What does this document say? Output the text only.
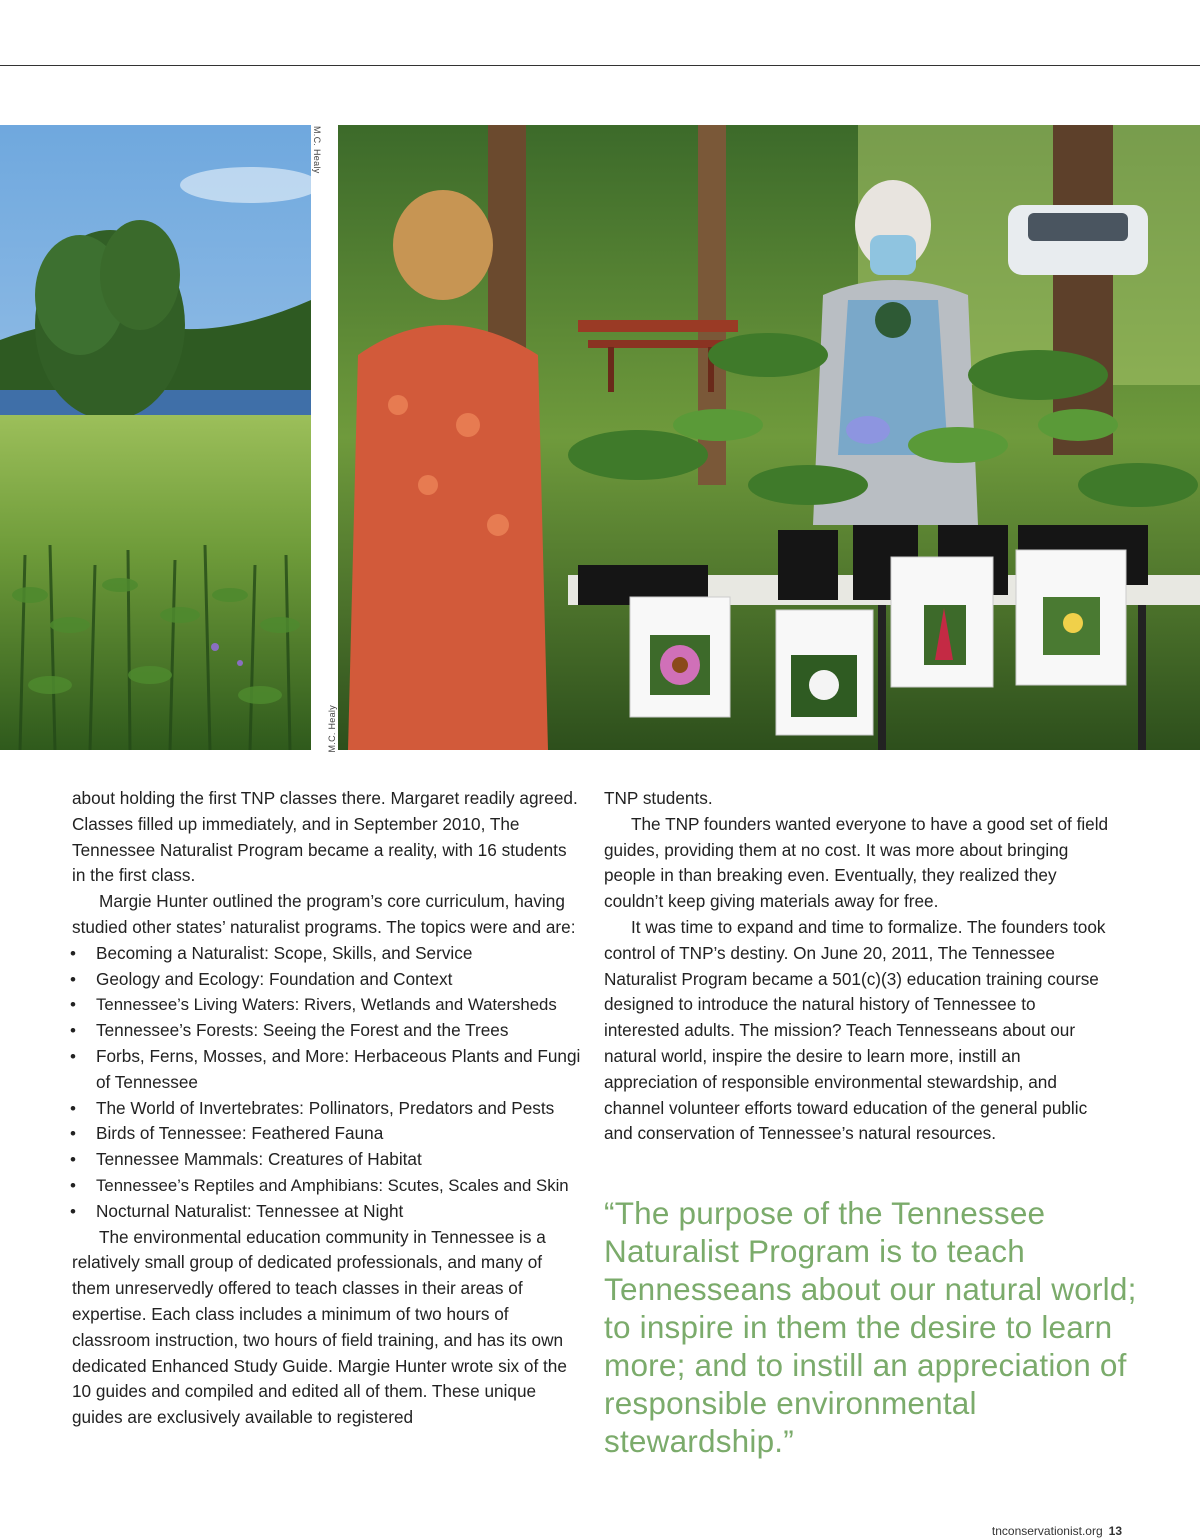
M.C. Healy
M.C. Healy

about holding the first TNP classes there. Margaret readily agreed. Classes filled up immediately, and in September 2010, The Tennessee Naturalist Program became a reality, with 16 students in the first class.

Margie Hunter outlined the program’s core curriculum, having studied other states’ naturalist programs. The topics were and are:

• Becoming a Naturalist: Scope, Skills, and Service
• Geology and Ecology: Foundation and Context
• Tennessee’s Living Waters: Rivers, Wetlands and Watersheds
• Tennessee’s Forests: Seeing the Forest and the Trees
• Forbs, Ferns, Mosses, and More: Herbaceous Plants and Fungi of Tennessee
• The World of Invertebrates: Pollinators, Predators and Pests
• Birds of Tennessee: Feathered Fauna
• Tennessee Mammals: Creatures of Habitat
• Tennessee’s Reptiles and Amphibians: Scutes, Scales and Skin
• Nocturnal Naturalist: Tennessee at Night

The environmental education community in Tennessee is a relatively small group of dedicated professionals, and many of them unreservedly offered to teach classes in their areas of expertise. Each class includes a minimum of two hours of classroom instruction, two hours of field training, and has its own dedicated Enhanced Study Guide. Margie Hunter wrote six of the 10 guides and compiled and edited all of them. These unique guides are exclusively available to registered

TNP students.

The TNP founders wanted everyone to have a good set of field guides, providing them at no cost. It was more about bringing people in than breaking even. Eventually, they realized they couldn’t keep giving materials away for free.

It was time to expand and time to formalize. The founders took control of TNP’s destiny. On June 20, 2011, The Tennessee Naturalist Program became a 501(c)(3) education training course designed to introduce the natural history of Tennessee to interested adults. The mission? Teach Tennesseans about our natural world, inspire the desire to learn more, instill an appreciation of responsible environmental stewardship, and channel volunteer efforts toward education of the general public and conservation of Tennessee’s natural resources.

“The purpose of the Tennessee Naturalist Program is to teach Tennesseans about our natural world; to inspire in them the desire to learn more; and to instill an appreciation of responsible environmental stewardship.”
tnconservationist.org 13
